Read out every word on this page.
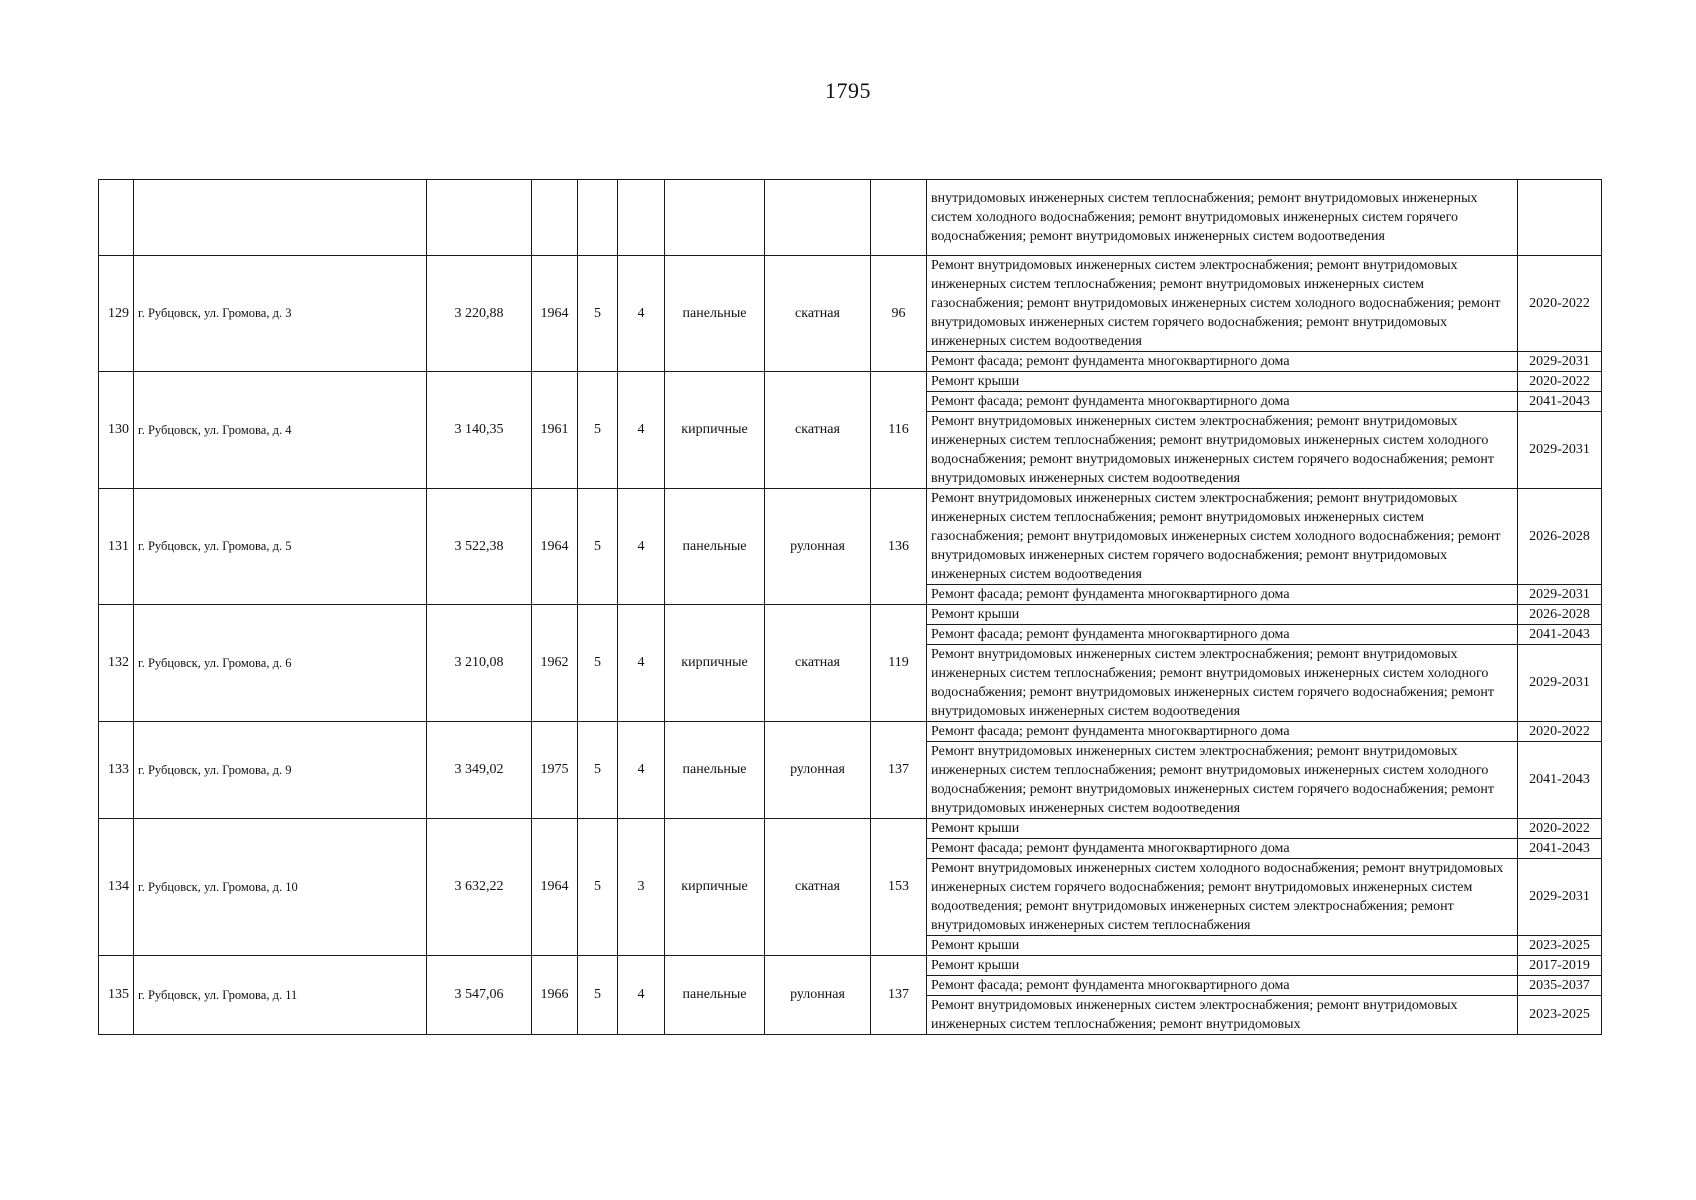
1795
									внутридомовых инженерных систем теплоснабжения; ремонт внутридомовых инженерных систем холодного водоснабжения; ремонт внутридомовых инженерных систем горячего водоснабжения; ремонт внутридомовых инженерных систем водоотведения	
129	г. Рубцовск, ул. Громова, д. 3	3 220,88	1964	5	4	панельные	скатная	96	Ремонт внутридомовых инженерных систем электроснабжения; ремонт внутридомовых инженерных систем теплоснабжения; ремонт внутридомовых инженерных систем газоснабжения; ремонт внутридомовых инженерных систем холодного водоснабжения; ремонт внутридомовых инженерных систем горячего водоснабжения; ремонт внутридомовых инженерных систем водоотведения	2020-2022
									Ремонт фасада; ремонт фундамента многоквартирного дома	2029-2031
130	г. Рубцовск, ул. Громова, д. 4	3 140,35	1961	5	4	кирпичные	скатная	116	Ремонт крыши	2020-2022
									Ремонт фасада; ремонт фундамента многоквартирного дома	2041-2043
									Ремонт внутридомовых инженерных систем электроснабжения; ремонт внутридомовых инженерных систем теплоснабжения; ремонт внутридомовых инженерных систем холодного водоснабжения; ремонт внутридомовых инженерных систем горячего водоснабжения; ремонт внутридомовых инженерных систем водоотведения	2029-2031
131	г. Рубцовск, ул. Громова, д. 5	3 522,38	1964	5	4	панельные	рулонная	136	Ремонт внутридомовых инженерных систем электроснабжения; ремонт внутридомовых инженерных систем теплоснабжения; ремонт внутридомовых инженерных систем газоснабжения; ремонт внутридомовых инженерных систем холодного водоснабжения; ремонт внутридомовых инженерных систем горячего водоснабжения; ремонт внутридомовых инженерных систем водоотведения	2026-2028
									Ремонт фасада; ремонт фундамента многоквартирного дома	2029-2031
132	г. Рубцовск, ул. Громова, д. 6	3 210,08	1962	5	4	кирпичные	скатная	119	Ремонт крыши	2026-2028
									Ремонт фасада; ремонт фундамента многоквартирного дома	2041-2043
									Ремонт внутридомовых инженерных систем электроснабжения; ремонт внутридомовых инженерных систем теплоснабжения; ремонт внутридомовых инженерных систем холодного водоснабжения; ремонт внутридомовых инженерных систем горячего водоснабжения; ремонт внутридомовых инженерных систем водоотведения	2029-2031
133	г. Рубцовск, ул. Громова, д. 9	3 349,02	1975	5	4	панельные	рулонная	137	Ремонт фасада; ремонт фундамента многоквартирного дома	2020-2022
									Ремонт внутридомовых инженерных систем электроснабжения; ремонт внутридомовых инженерных систем теплоснабжения; ремонт внутридомовых инженерных систем холодного водоснабжения; ремонт внутридомовых инженерных систем горячего водоснабжения; ремонт внутридомовых инженерных систем водоотведения	2041-2043
134	г. Рубцовск, ул. Громова, д. 10	3 632,22	1964	5	3	кирпичные	скатная	153	Ремонт крыши	2020-2022
									Ремонт фасада; ремонт фундамента многоквартирного дома	2041-2043
									Ремонт внутридомовых инженерных систем холодного водоснабжения; ремонт внутридомовых инженерных систем горячего водоснабжения; ремонт внутридомовых инженерных систем водоотведения; ремонт внутридомовых инженерных систем электроснабжения; ремонт внутридомовых инженерных систем теплоснабжения	2029-2031
									Ремонт крыши	2023-2025
135	г. Рубцовск, ул. Громова, д. 11	3 547,06	1966	5	4	панельные	рулонная	137	Ремонт крыши	2017-2019
									Ремонт фасада; ремонт фундамента многоквартирного дома	2035-2037
									Ремонт внутридомовых инженерных систем электроснабжения; ремонт внутридомовых инженерных систем теплоснабжения; ремонт внутридомовых	2023-2025
